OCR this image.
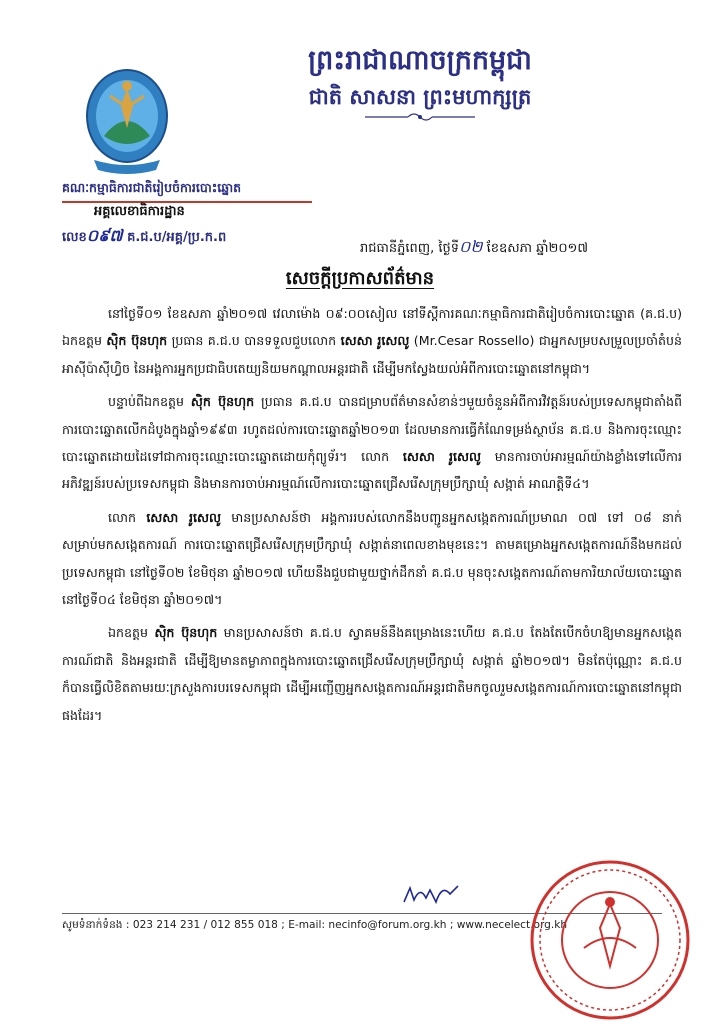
ព្រះរាជាណាចក្រកម្ពុជា
ជាតិ សាសនា ព្រះមហាក្សត្រ
គណៈកម្មាធិការជាតិរៀបចំការបោះឆ្នោត
អគ្គលេខាធិការដ្ឋាន
លេខ០៩៧ គ.ជ.ប/អគ្គ/ប្រ.ក.ព
រាជធានីភ្នំពេញ, ថ្ងៃទី០២ ខែឧសភា ឆ្នាំ២០១៧
សេចក្តីប្រកាសព័ត៌មាន

នៅថ្ងៃទី០១ ខែឧសភា ឆ្នាំ២០១៧ វេលាម៉ោង ០៩:០០សៀល នៅទីស្តីការគណៈកម្មាធិការជាតិរៀបចំការបោះឆ្នោត (គ.ជ.ប) ឯកឧត្តម ស៊ិក ប៊ុនហុក ប្រធាន គ.ជ.ប បានទទួលជួបលោក សេសា រូសេលូ (Mr.Cesar Rossello) ជាអ្នកសម្របសម្រួលប្រចាំតំបន់អាស៊ីប៉ាស៊ីហ្វិច នៃអង្គការអ្នកប្រជាធិបតេយ្យនិយមកណ្តាលអន្តរជាតិ ដើម្បីមកស្វែងយល់អំពីការបោះឆ្នោតនៅកម្ពុជា។

បន្ទាប់ពីឯកឧត្តម ស៊ិក ប៊ុនហុក ប្រធាន គ.ជ.ប បានជម្រាបព័ត៌មានសំខាន់ៗមួយចំនួនអំពីការវិវត្តន៍របស់ប្រទេសកម្ពុជាតាំងពីការបោះឆ្នោតលើកដំបូងក្នុងឆ្នាំ១៩៩៣ រហូតដល់ការបោះឆ្នោតឆ្នាំ២០១៣ ដែលមានការធ្វើកំណែទម្រង់ស្ថាប័ន គ.ជ.ប និងការចុះឈ្មោះបោះឆ្នោតដោយដៃទៅជាការចុះឈ្មោះបោះឆ្នោតដោយកុំព្យូទ័រ។ លោក សេសា រូសេលូ មានការចាប់អារម្មណ៍យ៉ាងខ្លាំងទៅលើការអភិវឌ្ឍន៍របស់ប្រទេសកម្ពុជា និងមានការចាប់អារម្មណ៍លើការបោះឆ្នោតជ្រើសរើសក្រុមប្រឹក្សាឃុំ សង្កាត់ អាណត្តិទី៤។

លោក សេសា រូសេលូ មានប្រសាសន៍ថា អង្គការរបស់លោកនឹងបញ្ជូនអ្នកសង្កេតការណ៍ប្រមាណ ០៧ ទៅ ០៨ នាក់ សម្រាប់មកសង្កេតការណ៍ ការបោះឆ្នោតជ្រើសរើសក្រុមប្រឹក្សាឃុំ សង្កាត់នាពេលខាងមុខនេះ។ តាមគម្រោងអ្នកសង្កេតការណ៍នឹងមកដល់ប្រទេសកម្ពុជា នៅថ្ងៃទី០២ ខែមិថុនា ឆ្នាំ២០១៧ ហើយនឹងជួបជាមួយថ្នាក់ដឹកនាំ គ.ជ.ប មុនចុះសង្កេតការណ៍តាមការិយាល័យបោះឆ្នោតនៅថ្ងៃទី០៤ ខែមិថុនា ឆ្នាំ២០១៧។

ឯកឧត្តម ស៊ិក ប៊ុនហុក មានប្រសាសន៍ថា គ.ជ.ប ស្វាគមន៍នឹងគម្រោងនេះហើយ គ.ជ.ប តែងតែបើកចំហឱ្យមានអ្នកសង្កេតការណ៍ជាតិ និងអន្តរជាតិ ដើម្បីឱ្យមានតម្លាភាពក្នុងការបោះឆ្នោតជ្រើសរើសក្រុមប្រឹក្សាឃុំ សង្កាត់ ឆ្នាំ២០១៧។ មិនតែប៉ុណ្ណោះ គ.ជ.ប ក៏បានធ្វើលិខិតតាមរយៈក្រសួងការបរទេសកម្ពុជា ដើម្បីអញ្ជើញអ្នកសង្កេតការណ៍អន្តរជាតិមកចូលរួមសង្កេតការណ៍ការបោះឆ្នោតនៅកម្ពុជាផងដែរ។

សូមទំនាក់ទំនង : 023 214 231 / 012 855 018 ; E-mail: necinfo@forum.org.kh ; www.necelect.org.kh
